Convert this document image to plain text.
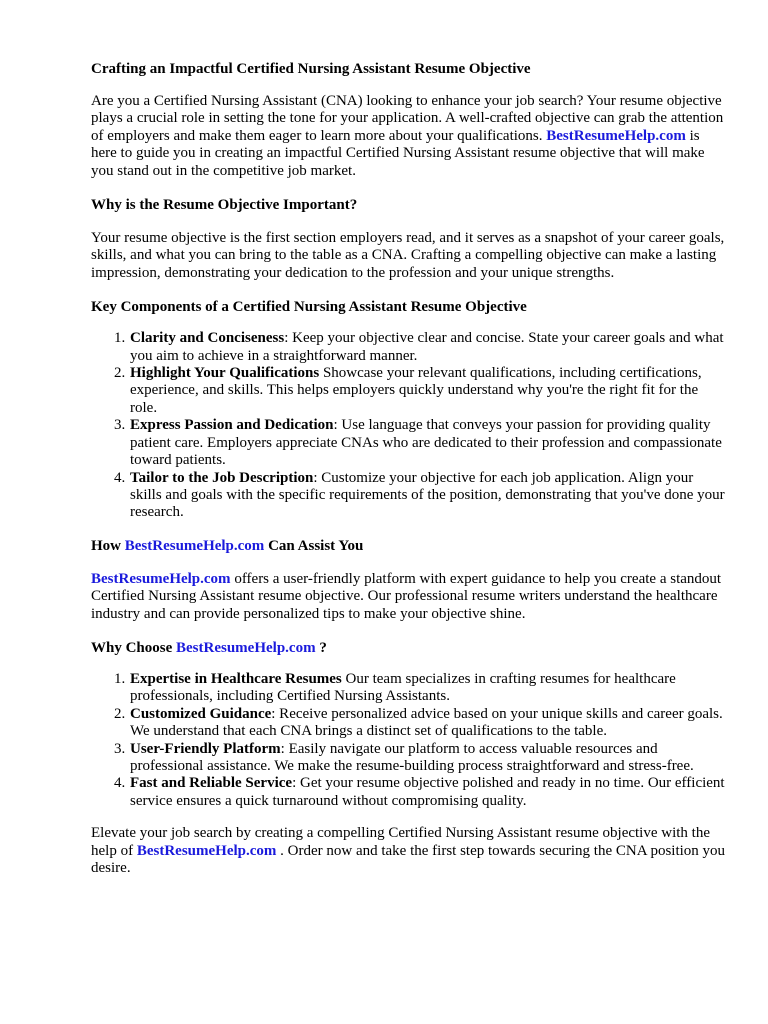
Crafting an Impactful Certified Nursing Assistant Resume Objective

Are you a Certified Nursing Assistant (CNA) looking to enhance your job search? Your resume objective plays a crucial role in setting the tone for your application. A well-crafted objective can grab the attention of employers and make them eager to learn more about your qualifications. BestResumeHelp.com is here to guide you in creating an impactful Certified Nursing Assistant resume objective that will make you stand out in the competitive job market.

Why is the Resume Objective Important?

Your resume objective is the first section employers read, and it serves as a snapshot of your career goals, skills, and what you can bring to the table as a CNA. Crafting a compelling objective can make a lasting impression, demonstrating your dedication to the profession and your unique strengths.

Key Components of a Certified Nursing Assistant Resume Objective
1. Clarity and Conciseness: Keep your objective clear and concise. State your career goals and what you aim to achieve in a straightforward manner.
2. Highlight Your Qualifications Showcase your relevant qualifications, including certifications, experience, and skills. This helps employers quickly understand why you're the right fit for the role.
3. Express Passion and Dedication: Use language that conveys your passion for providing quality patient care. Employers appreciate CNAs who are dedicated to their profession and compassionate toward patients.
4. Tailor to the Job Description: Customize your objective for each job application. Align your skills and goals with the specific requirements of the position, demonstrating that you've done your research.
How BestResumeHelp.com Can Assist You

BestResumeHelp.com offers a user-friendly platform with expert guidance to help you create a standout Certified Nursing Assistant resume objective. Our professional resume writers understand the healthcare industry and can provide personalized tips to make your objective shine.

Why Choose BestResumeHelp.com ?
1. Expertise in Healthcare Resumes Our team specializes in crafting resumes for healthcare professionals, including Certified Nursing Assistants.
2. Customized Guidance: Receive personalized advice based on your unique skills and career goals. We understand that each CNA brings a distinct set of qualifications to the table.
3. User-Friendly Platform: Easily navigate our platform to access valuable resources and professional assistance. We make the resume-building process straightforward and stress-free.
4. Fast and Reliable Service: Get your resume objective polished and ready in no time. Our efficient service ensures a quick turnaround without compromising quality.

Elevate your job search by creating a compelling Certified Nursing Assistant resume objective with the help of BestResumeHelp.com . Order now and take the first step towards securing the CNA position you desire.
